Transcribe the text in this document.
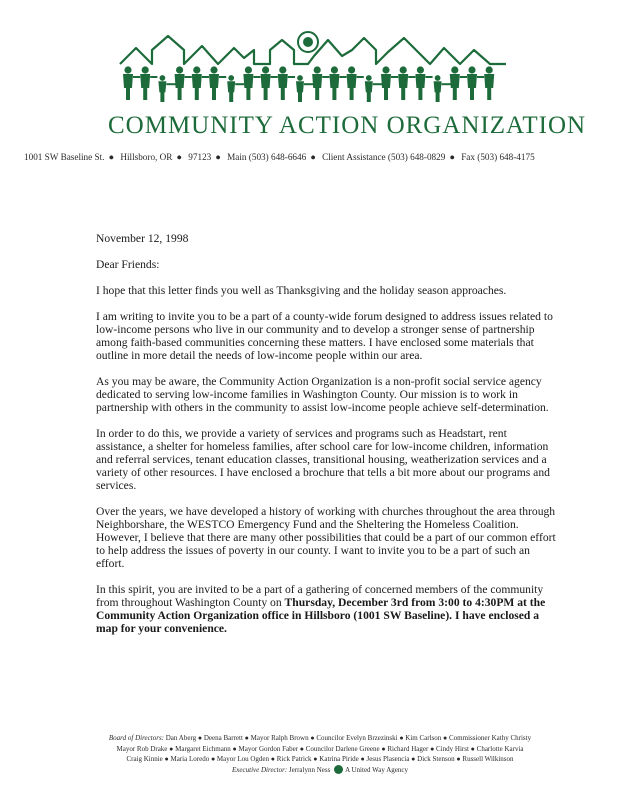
COMMUNITY ACTION ORGANIZATION
1001 SW Baseline St. ● Hillsboro, OR ● 97123 ● Main (503) 648-6646 ● Client Assistance (503) 648-0829 ● Fax (503) 648-4175

November 12, 1998

Dear Friends:

I hope that this letter finds you well as Thanksgiving and the holiday season approaches.

I am writing to invite you to be a part of a county-wide forum designed to address issues related to low-income persons who live in our community and to develop a stronger sense of partnership among faith-based communities concerning these matters. I have enclosed some materials that outline in more detail the needs of low-income people within our area.

As you may be aware, the Community Action Organization is a non-profit social service agency dedicated to serving low-income families in Washington County. Our mission is to work in partnership with others in the community to assist low-income people achieve self-determination.

In order to do this, we provide a variety of services and programs such as Headstart, rent assistance, a shelter for homeless families, after school care for low-income children, information and referral services, tenant education classes, transitional housing, weatherization services and a variety of other resources. I have enclosed a brochure that tells a bit more about our programs and services.

Over the years, we have developed a history of working with churches throughout the area through Neighborshare, the WESTCO Emergency Fund and the Sheltering the Homeless Coalition. However, I believe that there are many other possibilities that could be a part of our common effort to help address the issues of poverty in our county. I want to invite you to be a part of such an effort.

In this spirit, you are invited to be a part of a gathering of concerned members of the community from throughout Washington County on Thursday, December 3rd from 3:00 to 4:30PM at the Community Action Organization office in Hillsboro (1001 SW Baseline). I have enclosed a map for your convenience.

Board of Directors: Dan Aberg ● Deena Barrett ● Mayor Ralph Brown ● Councilor Evelyn Brzezinski ● Kim Carlson ● Commissioner Kathy Christy
Mayor Rob Drake ● Margaret Eichmann ● Mayor Gordon Faber ● Councilor Darlene Greene ● Richard Hager ● Cindy Hirst ● Charlotte Karvia
Craig Kinnie ● Maria Loredo ● Mayor Lou Ogden ● Rick Patrick ● Katrina Piride ● Jesus Plasencia ● Dick Stenson ● Russell Wilkinson
Executive Director: Jerralynn Ness A United Way Agency
